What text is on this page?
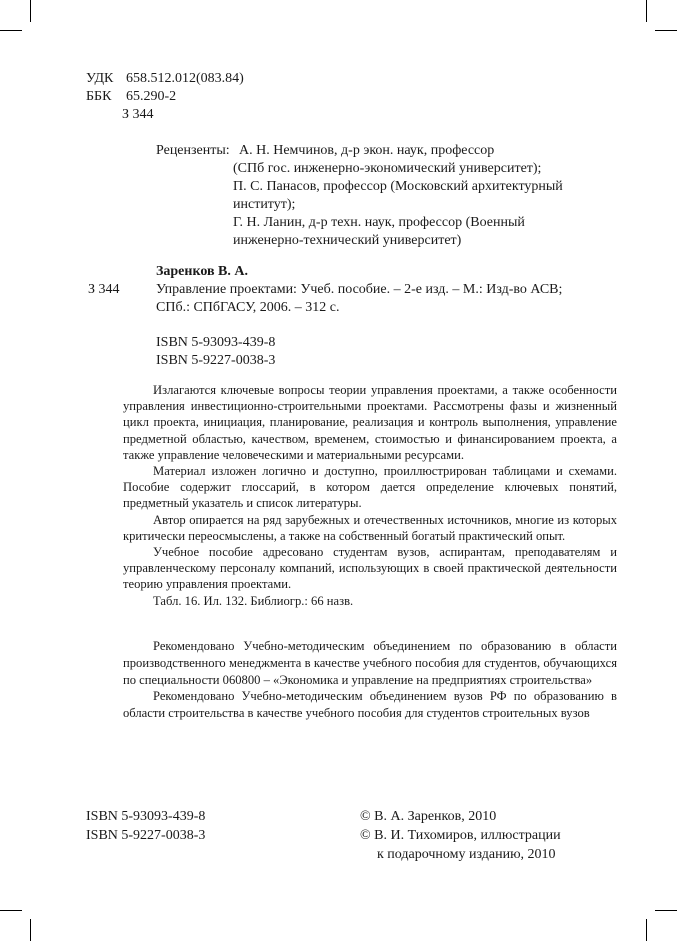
УДК 658.512.012(083.84)
ББК 65.290-2
З 344
Рецензенты: А. Н. Немчинов, д-р экон. наук, профессор
(СПб гос. инженерно-экономический университет);
П. С. Панасов, профессор (Московский архитектурный
институт);
Г. Н. Ланин, д-р техн. наук, профессор (Военный
инженерно-технический университет)
Заренков В. А.
З 344	Управление проектами: Учеб. пособие. – 2-е изд. – М.: Изд-во АСВ;
СПб.: СПбГАСУ, 2006. – 312 с.
ISBN 5-93093-439-8
ISBN 5-9227-0038-3

Излагаются ключевые вопросы теории управления проектами, а также особенности управления инвестиционно-строительными проектами. Рассмотрены фазы и жизненный цикл проекта, инициация, планирование, реализация и контроль выполнения, управление предметной областью, качеством, временем, стоимостью и финансированием проекта, а также управление человеческими и материальными ресурсами.

Материал изложен логично и доступно, проиллюстрирован таблицами и схемами. Пособие содержит глоссарий, в котором дается определение ключевых понятий, предметный указатель и список литературы.

Автор опирается на ряд зарубежных и отечественных источников, многие из которых критически переосмыслены, а также на собственный богатый практический опыт.

Учебное пособие адресовано студентам вузов, аспирантам, преподавателям и управленческому персоналу компаний, использующих в своей практической деятельности теорию управления проектами.

Табл. 16. Ил. 132. Библиогр.: 66 назв.

Рекомендовано Учебно-методическим объединением по образованию в области производственного менеджмента в качестве учебного пособия для студентов, обучающихся по специальности 060800 – «Экономика и управление на предприятиях строительства»

Рекомендовано Учебно-методическим объединением вузов РФ по образованию в области строительства в качестве учебного пособия для студентов строительных вузов

ISBN 5-93093-439-8
ISBN 5-9227-0038-3
© В. А. Заренков, 2010
© В. И. Тихомиров, иллюстрации
к подарочному изданию, 2010
